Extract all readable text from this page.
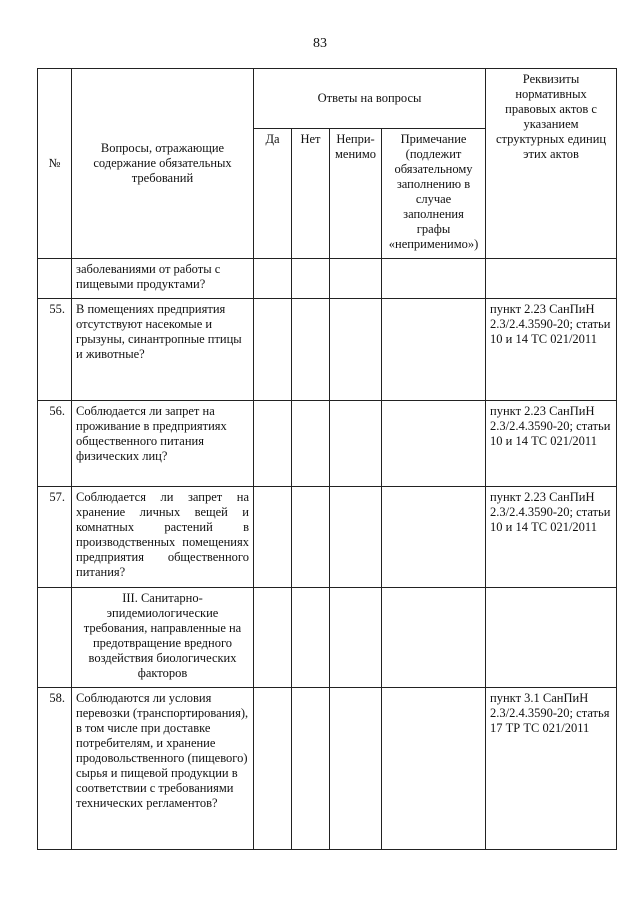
83
№	Вопросы, отражающие содержание обязательных требований	Ответы на вопросы				Реквизиты нормативных правовых актов с указанием структурных единиц этих актов
		Да	Нет	Непри-менимо	Примечание (подлежит обязательному заполнению в случае заполнения графы «неприменимо»)	
	заболеваниями от работы с пищевыми продуктами?					
55.	В помещениях предприятия отсутствуют насекомые и грызуны, синантропные птицы и животные?					пункт 2.23 СанПиН 2.3/2.4.3590-20; статьи 10 и 14 ТС 021/2011
56.	Соблюдается ли запрет на проживание в предприятиях общественного питания физических лиц?					пункт 2.23 СанПиН 2.3/2.4.3590-20; статьи 10 и 14 ТС 021/2011
57.	Соблюдается ли запрет на хранение личных вещей и комнатных растений в производственных помещениях предприятия общественного питания?					пункт 2.23 СанПиН 2.3/2.4.3590-20; статьи 10 и 14 ТС 021/2011
	III. Санитарно-эпидемиологические требования, направленные на предотвращение вредного воздействия биологических факторов					
58.	Соблюдаются ли условия перевозки (транспортирования), в том числе при доставке потребителям, и хранение продовольственного (пищевого) сырья и пищевой продукции в соответствии с требованиями технических регламентов?					пункт 3.1 СанПиН 2.3/2.4.3590-20; статья 17 ТР ТС 021/2011
